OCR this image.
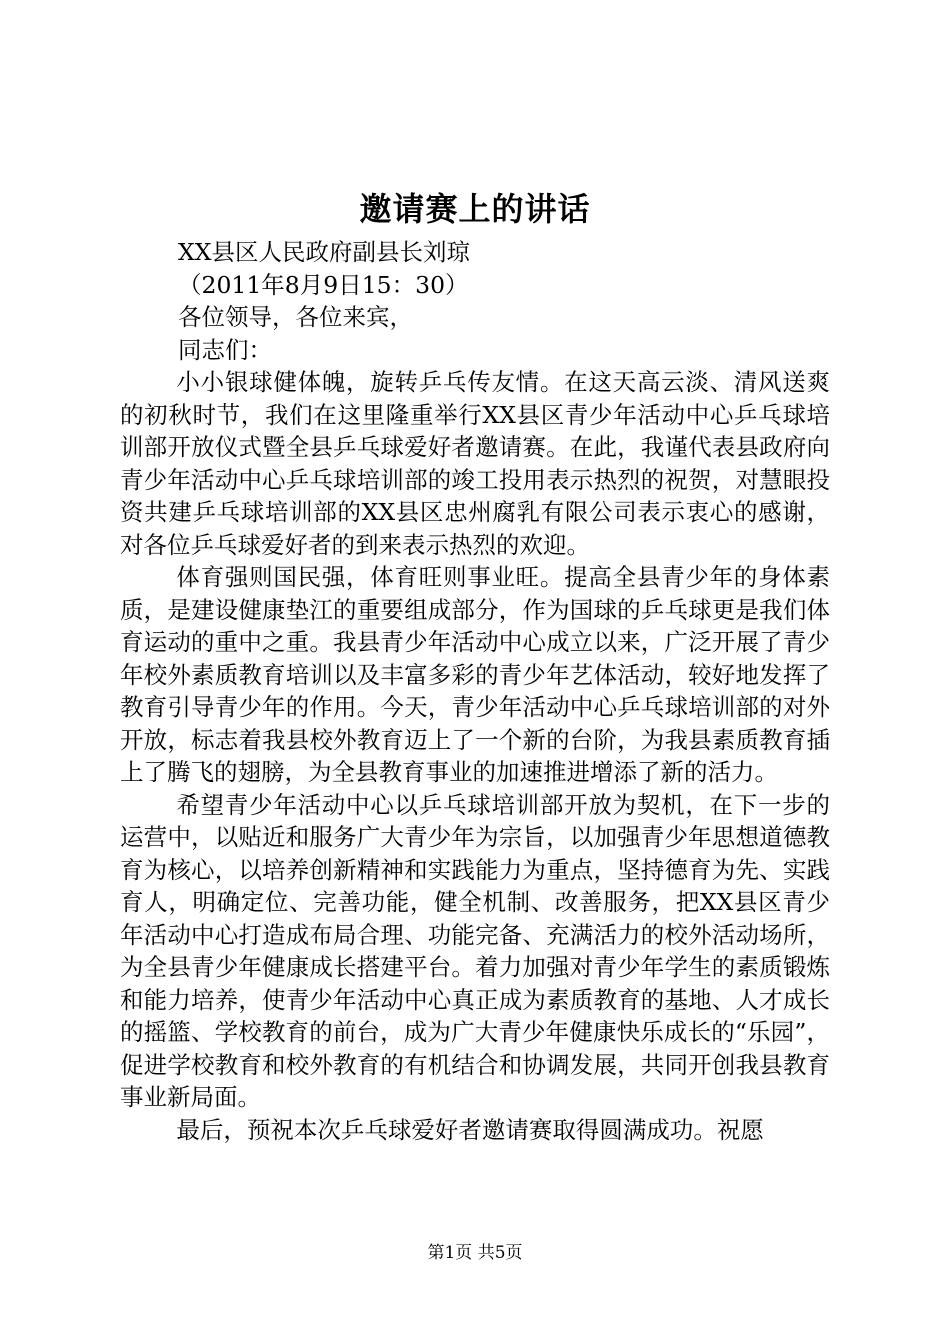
邀请赛上的讲话

XX县区人民政府副县长刘琼

（2011年8月9日15：30）

各位领导，各位来宾，

同志们：

小小银球健体魄，旋转乒乓传友情。在这天高云淡、清风送爽的初秋时节，我们在这里隆重举行XX县区青少年活动中心乒乓球培训部开放仪式暨全县乒乓球爱好者邀请赛。在此，我谨代表县政府向青少年活动中心乒乓球培训部的竣工投用表示热烈的祝贺，对慧眼投资共建乒乓球培训部的XX县区忠州腐乳有限公司表示衷心的感谢，对各位乒乓球爱好者的到来表示热烈的欢迎。

体育强则国民强，体育旺则事业旺。提高全县青少年的身体素质，是建设健康垫江的重要组成部分，作为国球的乒乓球更是我们体育运动的重中之重。我县青少年活动中心成立以来，广泛开展了青少年校外素质教育培训以及丰富多彩的青少年艺体活动，较好地发挥了教育引导青少年的作用。今天，青少年活动中心乒乓球培训部的对外开放，标志着我县校外教育迈上了一个新的台阶，为我县素质教育插上了腾飞的翅膀，为全县教育事业的加速推进增添了新的活力。

希望青少年活动中心以乒乓球培训部开放为契机，在下一步的运营中，以贴近和服务广大青少年为宗旨，以加强青少年思想道德教育为核心，以培养创新精神和实践能力为重点，坚持德育为先、实践育人，明确定位、完善功能，健全机制、改善服务，把XX县区青少年活动中心打造成布局合理、功能完备、充满活力的校外活动场所，为全县青少年健康成长搭建平台。着力加强对青少年学生的素质锻炼和能力培养，使青少年活动中心真正成为素质教育的基地、人才成长的摇篮、学校教育的前台，成为广大青少年健康快乐成长的“乐园”，促进学校教育和校外教育的有机结合和协调发展，共同开创我县教育事业新局面。

最后，预祝本次乒乓球爱好者邀请赛取得圆满成功。祝愿

第1页 共5页
